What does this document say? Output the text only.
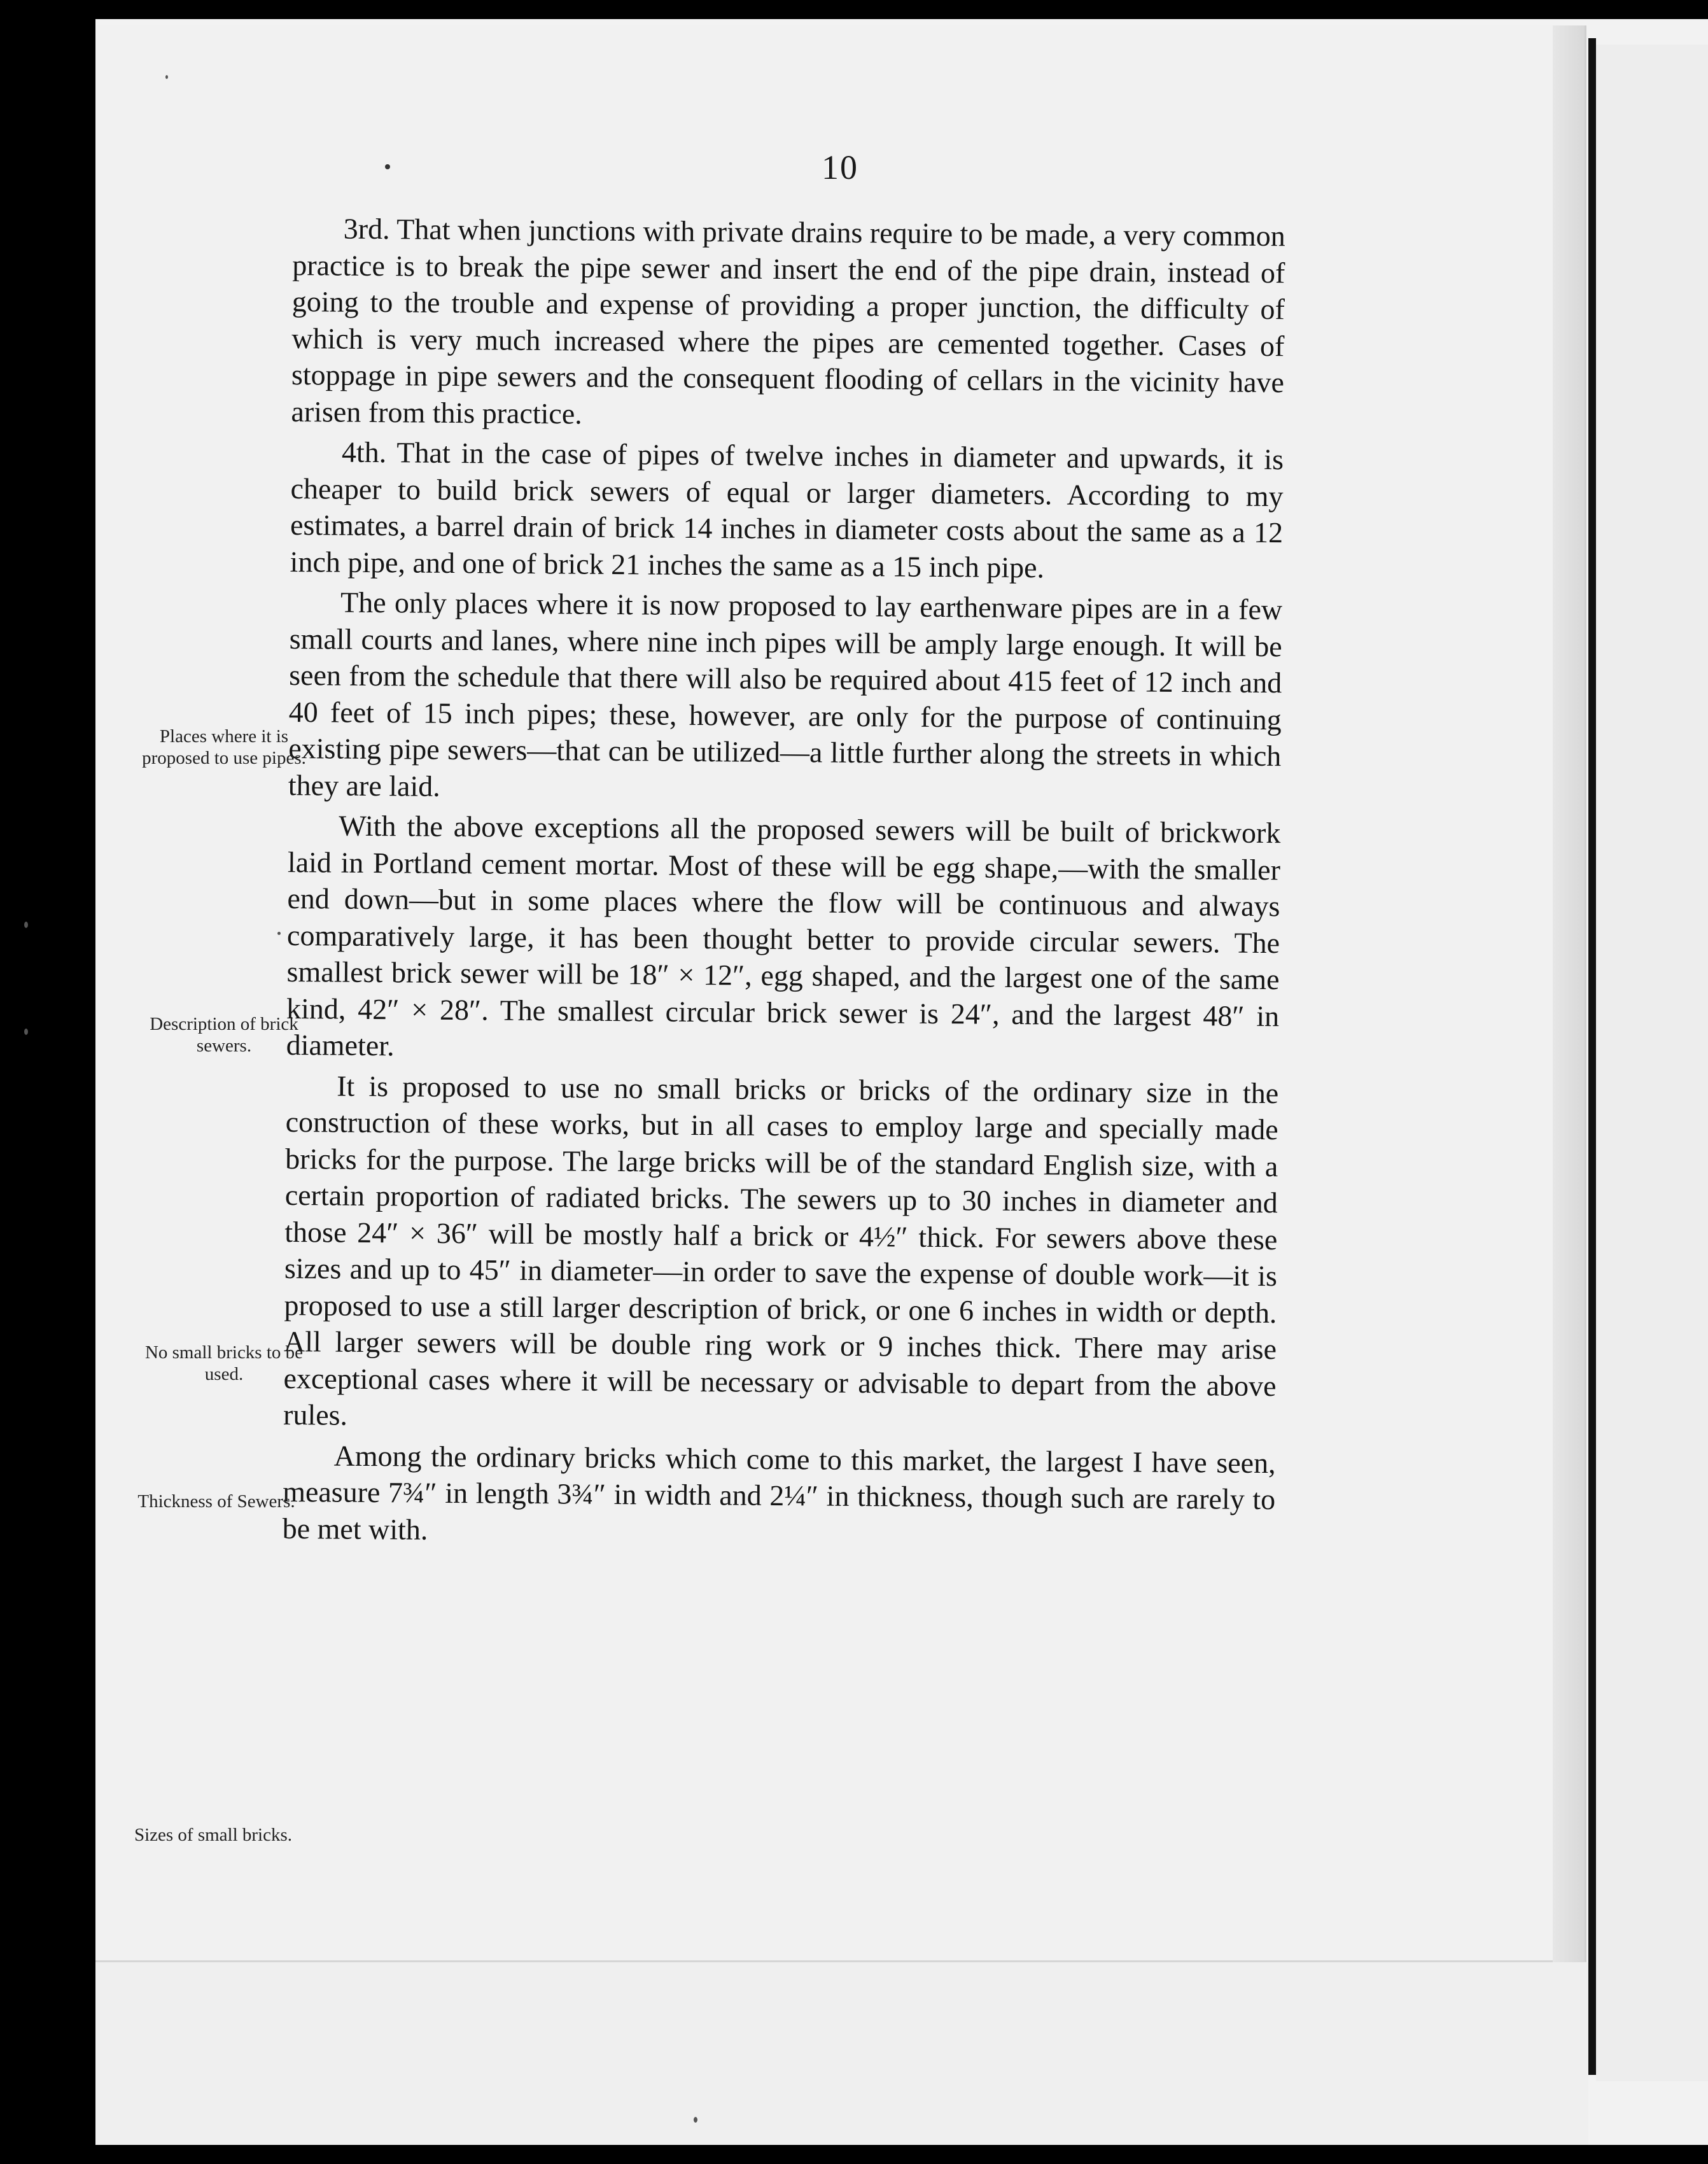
10

3rd. That when junctions with private drains require to be made, a very common practice is to break the pipe sewer and insert the end of the pipe drain, instead of going to the trouble and expense of providing a proper junction, the difficulty of which is very much increased where the pipes are cemented together. Cases of stoppage in pipe sewers and the consequent flooding of cellars in the vicinity have arisen from this practice.

4th. That in the case of pipes of twelve inches in diameter and upwards, it is cheaper to build brick sewers of equal or larger diameters. According to my estimates, a barrel drain of brick 14 inches in diameter costs about the same as a 12 inch pipe, and one of brick 21 inches the same as a 15 inch pipe.

The only places where it is now proposed to lay earthenware pipes are in a few small courts and lanes, where nine inch pipes will be amply large enough. It will be seen from the schedule that there will also be required about 415 feet of 12 inch and 40 feet of 15 inch pipes; these, however, are only for the purpose of continuing existing pipe sewers—that can be utilized—a little further along the streets in which they are laid.

With the above exceptions all the proposed sewers will be built of brickwork laid in Portland cement mortar. Most of these will be egg shape,—with the smaller end down—but in some places where the flow will be continuous and always comparatively large, it has been thought better to provide circular sewers. The smallest brick sewer will be 18″ × 12″, egg shaped, and the largest one of the same kind, 42″ × 28″. The smallest circular brick sewer is 24″, and the largest 48″ in diameter.

It is proposed to use no small bricks or bricks of the ordinary size in the construction of these works, but in all cases to employ large and specially made bricks for the purpose. The large bricks will be of the standard English size, with a certain proportion of radiated bricks. The sewers up to 30 inches in diameter and those 24″ × 36″ will be mostly half a brick or 4½″ thick. For sewers above these sizes and up to 45″ in diameter—in order to save the expense of double work—it is proposed to use a still larger description of brick, or one 6 inches in width or depth. All larger sewers will be double ring work or 9 inches thick. There may arise exceptional cases where it will be necessary or advisable to depart from the above rules.

Among the ordinary bricks which come to this market, the largest I have seen, measure 7¾″ in length 3¾″ in width and 2¼″ in thickness, though such are rarely to be met with.

Places where it is proposed to use pipes.
Description of brick sewers.
No small bricks to be used.
Thickness of Sewers.
Sizes of small bricks.
